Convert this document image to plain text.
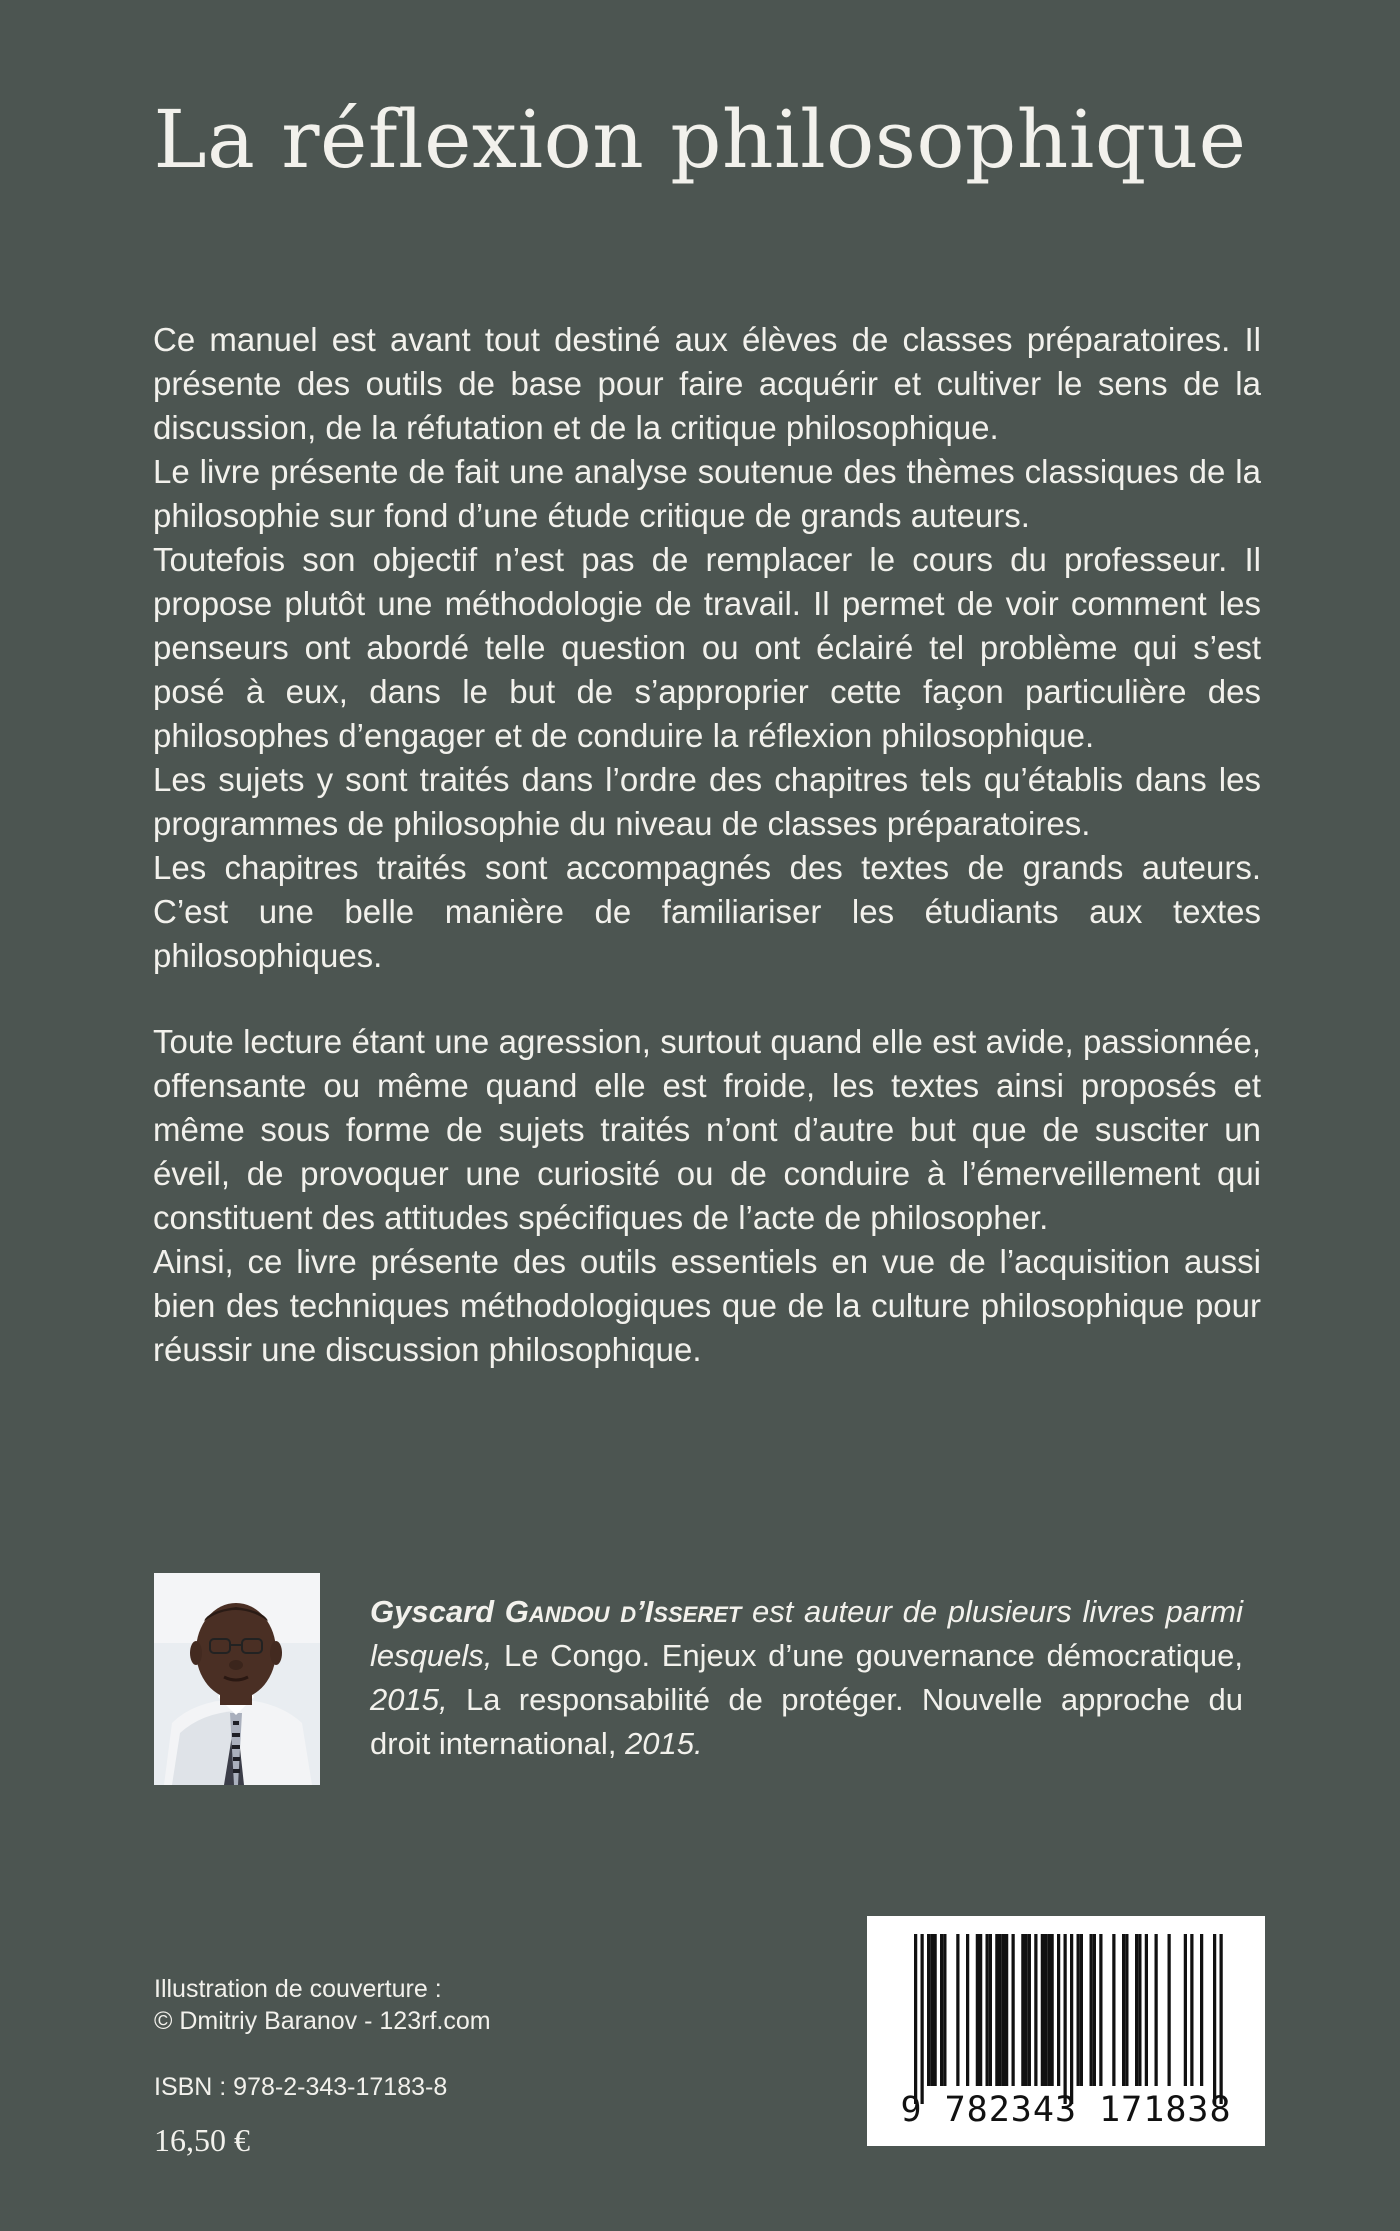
La réflexion philosophique

Ce manuel est avant tout destiné aux élèves de classes préparatoires. Il présente des outils de base pour faire acquérir et cultiver le sens de la discussion, de la réfutation et de la critique philosophique.

Le livre présente de fait une analyse soutenue des thèmes classiques de la philosophie sur fond d’une étude critique de grands auteurs.

Toutefois son objectif n’est pas de remplacer le cours du professeur. Il propose plutôt une méthodologie de travail. Il permet de voir comment les penseurs ont abordé telle question ou ont éclairé tel problème qui s’est posé à eux, dans le but de s’approprier cette façon particulière des philosophes d’engager et de conduire la réflexion philosophique.

Les sujets y sont traités dans l’ordre des chapitres tels qu’établis dans les programmes de philosophie du niveau de classes préparatoires.

Les chapitres traités sont accompagnés des textes de grands auteurs. C’est une belle manière de familiariser les étudiants aux textes philosophiques.

Toute lecture étant une agression, surtout quand elle est avide, passionnée, offensante ou même quand elle est froide, les textes ainsi proposés et même sous forme de sujets traités n’ont d’autre but que de susciter un éveil, de provoquer une curiosité ou de conduire à l’émerveillement qui constituent des attitudes spécifiques de l’acte de philosopher.

Ainsi, ce livre présente des outils essentiels en vue de l’acquisition aussi bien des techniques méthodologiques que de la culture philosophique pour réussir une discussion philosophique.

Gyscard Gandou d’Isseret est auteur de plusieurs livres parmi lesquels, Le Congo. Enjeux d’une gouvernance démocratique, 2015, La responsabilité de protéger. Nouvelle approche du droit international, 2015.
Illustration de couverture :
© Dmitriy Baranov - 123rf.com
ISBN : 978-2-343-17183-8
16,50 €
9 782343 171838
